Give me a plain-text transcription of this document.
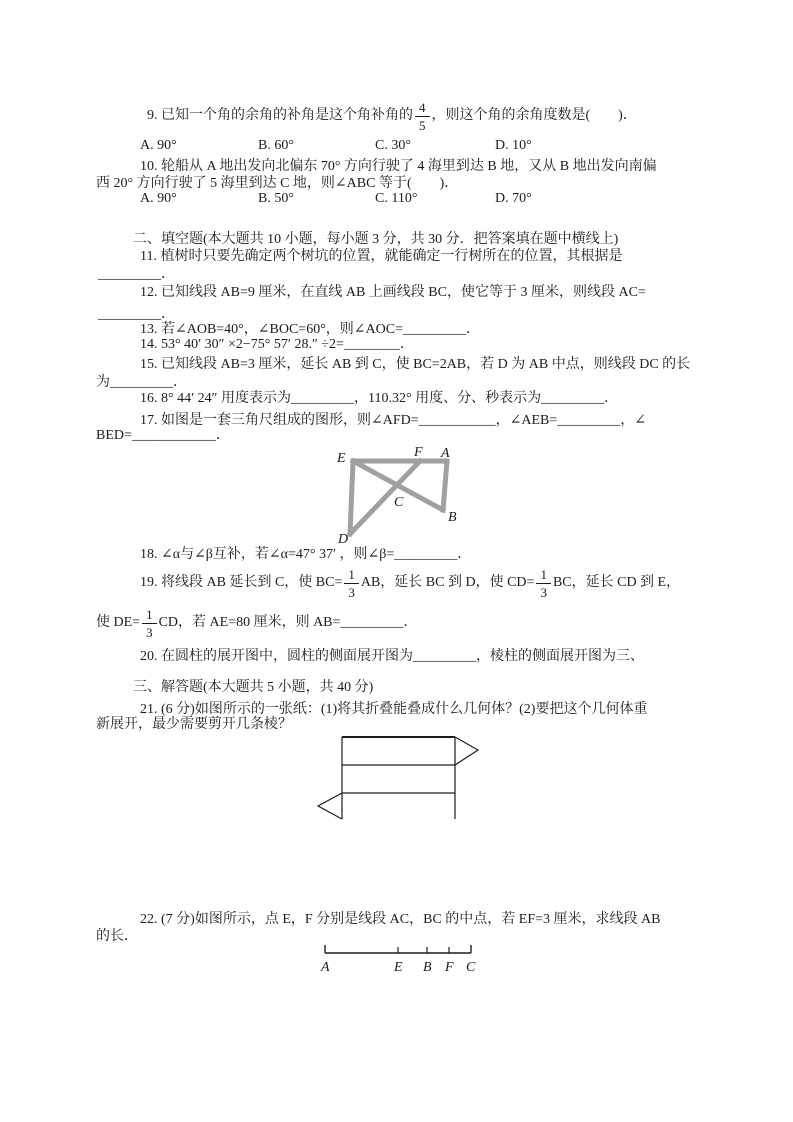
9. 已知一个角的余角的补角是这个角补角的 $\frac{4}{5}$ ，则这个角的余角度数是(　　)．
A. 90°	B. 60°	C. 30°	D. 10°
10. 轮船从 A 地出发向北偏东 70° 方向行驶了 4 海里到达 B 地，又从 B 地出发向南偏
西 20° 方向行驶了 5 海里到达 C 地，则∠ABC 等于(　　)．
A. 90°	B. 50°	C. 110°	D. 70°
二、填空题(本大题共 10 小题，每小题 3 分，共 30 分．把答案填在题中横线上)
11. 植树时只要先确定两个树坑的位置，就能确定一行树所在的位置，其根据是
_________．
12. 已知线段 AB=9 厘米，在直线 AB 上画线段 BC，使它等于 3 厘米，则线段 AC=
_________．
13. 若∠AOB=40°，∠BOC=60°，则∠AOC=_________．
14. 53° 40′ 30″ ×2−75° 57′ 28.″ ÷2=________．
15. 已知线段 AB=3 厘米，延长 AB 到 C，使 BC=2AB，若 D 为 AB 中点，则线段 DC 的长
为_________．
16. 8° 44′ 24″ 用度表示为_________，110.32° 用度、分、秒表示为_________．
17. 如图是一套三角尺组成的图形，则∠AFD=___________，∠AEB=_________，∠
BED=____________．
E	F A
C
B
D
18. ∠α与∠β互补，若∠α=47° 37′ ，则∠β=_________．
19. 将线段 AB 延长到 C，使 $BC= \frac{1}{3}$ AB，延长 BC 到 D，使 $CD= \frac{1}{3}$ BC，延长 CD 到 E，
使 $DE= \frac{1}{3}$ CD，若 AE=80 厘米，则 AB=_________．
20. 在圆柱的展开图中，圆柱的侧面展开图为_________，棱柱的侧面展开图为三、
三、解答题(本大题共 5 小题，共 40 分)
21. (6 分)如图所示的一张纸：(1)将其折叠能叠成什么几何体？(2)要把这个几何体重
新展开，最少需要剪开几条棱？
22. (7 分)如图所示，点 E，F 分别是线段 AC，BC 的中点，若 EF=3 厘米，求线段 AB
的长．
A	E B F C
